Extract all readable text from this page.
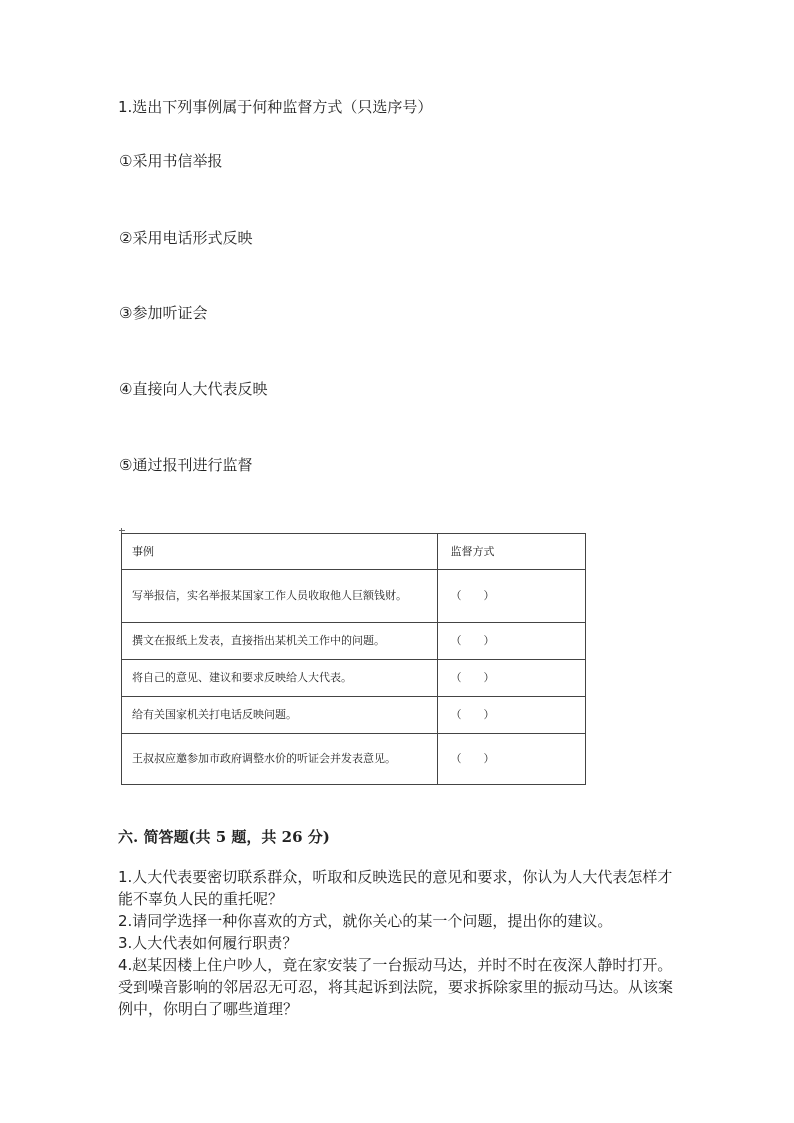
1.选出下列事例属于何种监督方式（只选序号）
①采用书信举报
②采用电话形式反映
③参加听证会
④直接向人大代表反映
⑤通过报刊进行监督
事例	监督方式
写举报信，实名举报某国家工作人员收取他人巨额钱财。	（　　）
撰文在报纸上发表，直接指出某机关工作中的问题。	（　　）
将自己的意见、建议和要求反映给人大代表。	（　　）
给有关国家机关打电话反映问题。	（　　）
王叔叔应邀参加市政府调整水价的听证会并发表意见。	（　　）
六. 简答题(共 5 题，共 26 分)
1.人大代表要密切联系群众，听取和反映选民的意见和要求，你认为人大代表怎样才能不辜负人民的重托呢？
2.请同学选择一种你喜欢的方式，就你关心的某一个问题，提出你的建议。
3.人大代表如何履行职责？
4.赵某因楼上住户吵人，竟在家安装了一台振动马达，并时不时在夜深人静时打开。受到噪音影响的邻居忍无可忍，将其起诉到法院，要求拆除家里的振动马达。从该案例中，你明白了哪些道理？
